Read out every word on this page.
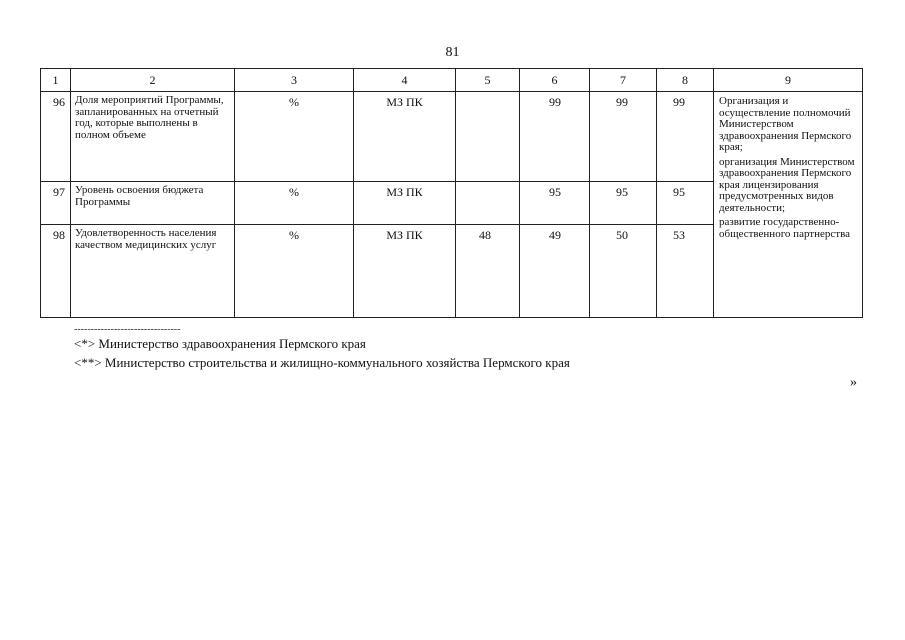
81
1	2	3	4	5	6	7	8	9
96	Доля мероприятий Программы, запланированных на отчетный год, которые выполнены в полном объеме	%	МЗ ПК		99	99	99	Организация и осуществление полномочий Министерством здравоохранения Пермского края;
организация Министерством здравоохранения Пермского края лицензирования предусмотренных видов деятельности;
развитие государственно-общественного партнерства

97	Уровень освоения бюджета Программы	%	МЗ ПК		95	95	95	
98	Удовлетворенность населения качеством медицинских услуг	%	МЗ ПК	48	49	50	53	
--------------------------------
<*> Министерство здравоохранения Пермского края
<**> Министерство строительства и жилищно-коммунального хозяйства Пермского края
»
